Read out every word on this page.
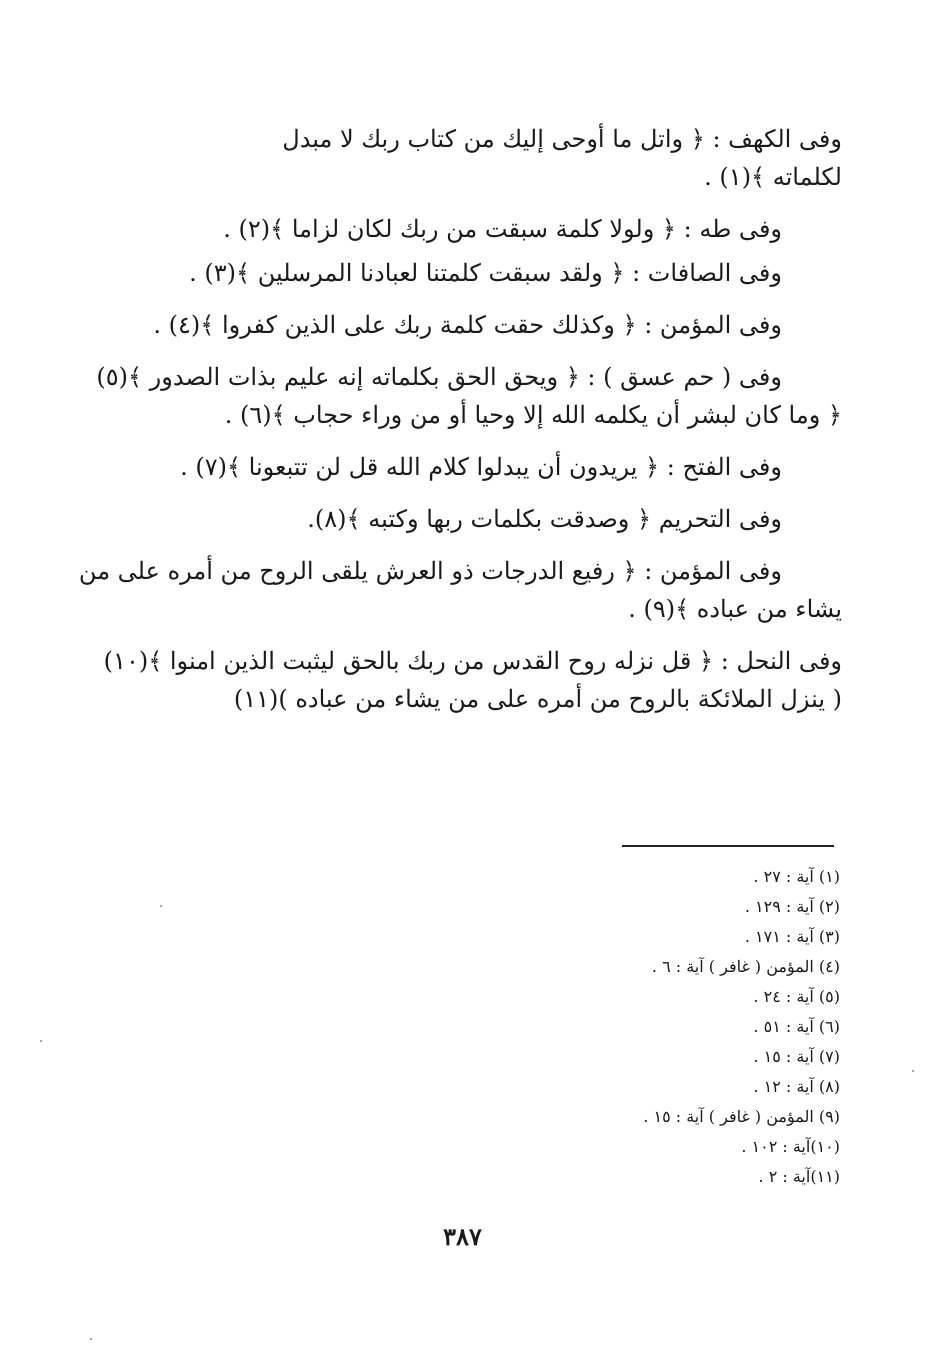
وفى الكهف : ﴿ واتل ما أوحى إليك من كتاب ربك لا مبدل
لكلماته ﴾(١) .
وفى طه : ﴿ ولولا كلمة سبقت من ربك لكان لزاما ﴾(٢) .
وفى الصافات : ﴿ ولقد سبقت كلمتنا لعبادنا المرسلين ﴾(٣) .
وفى المؤمن : ﴿ وكذلك حقت كلمة ربك على الذين كفروا ﴾(٤) .
وفى ( حم عسق ) : ﴿ ويحق الحق بكلماته إنه عليم بذات الصدور ﴾(٥)
﴿ وما كان لبشر أن يكلمه الله إلا وحيا أو من وراء حجاب ﴾(٦) .
وفى الفتح : ﴿ يريدون أن يبدلوا كلام الله قل لن تتبعونا ﴾(٧) .
وفى التحريم ﴿ وصدقت بكلمات ربها وكتبه ﴾(٨).
وفى المؤمن : ﴿ رفيع الدرجات ذو العرش يلقى الروح من أمره على من
يشاء من عباده ﴾(٩) .
وفى النحل : ﴿ قل نزله روح القدس من ربك بالحق ليثبت الذين امنوا ﴾(١٠)
( ينزل الملائكة بالروح من أمره على من يشاء من عباده )(١١)
(١) آية : ٢٧ .
(٢) آية : ١٢٩ .
(٣) آية : ١٧١ .
(٤) المؤمن ( غافر ) آية : ٦ .
(٥) آية : ٢٤ .
(٦) آية : ٥١ .
(٧) آية : ١٥ .
(٨) آية : ١٢ .
(٩) المؤمن ( غافر ) آية : ١٥ .
(١٠)آية : ١٠٢ .
(١١)آية : ٢ .
٣٨٧
